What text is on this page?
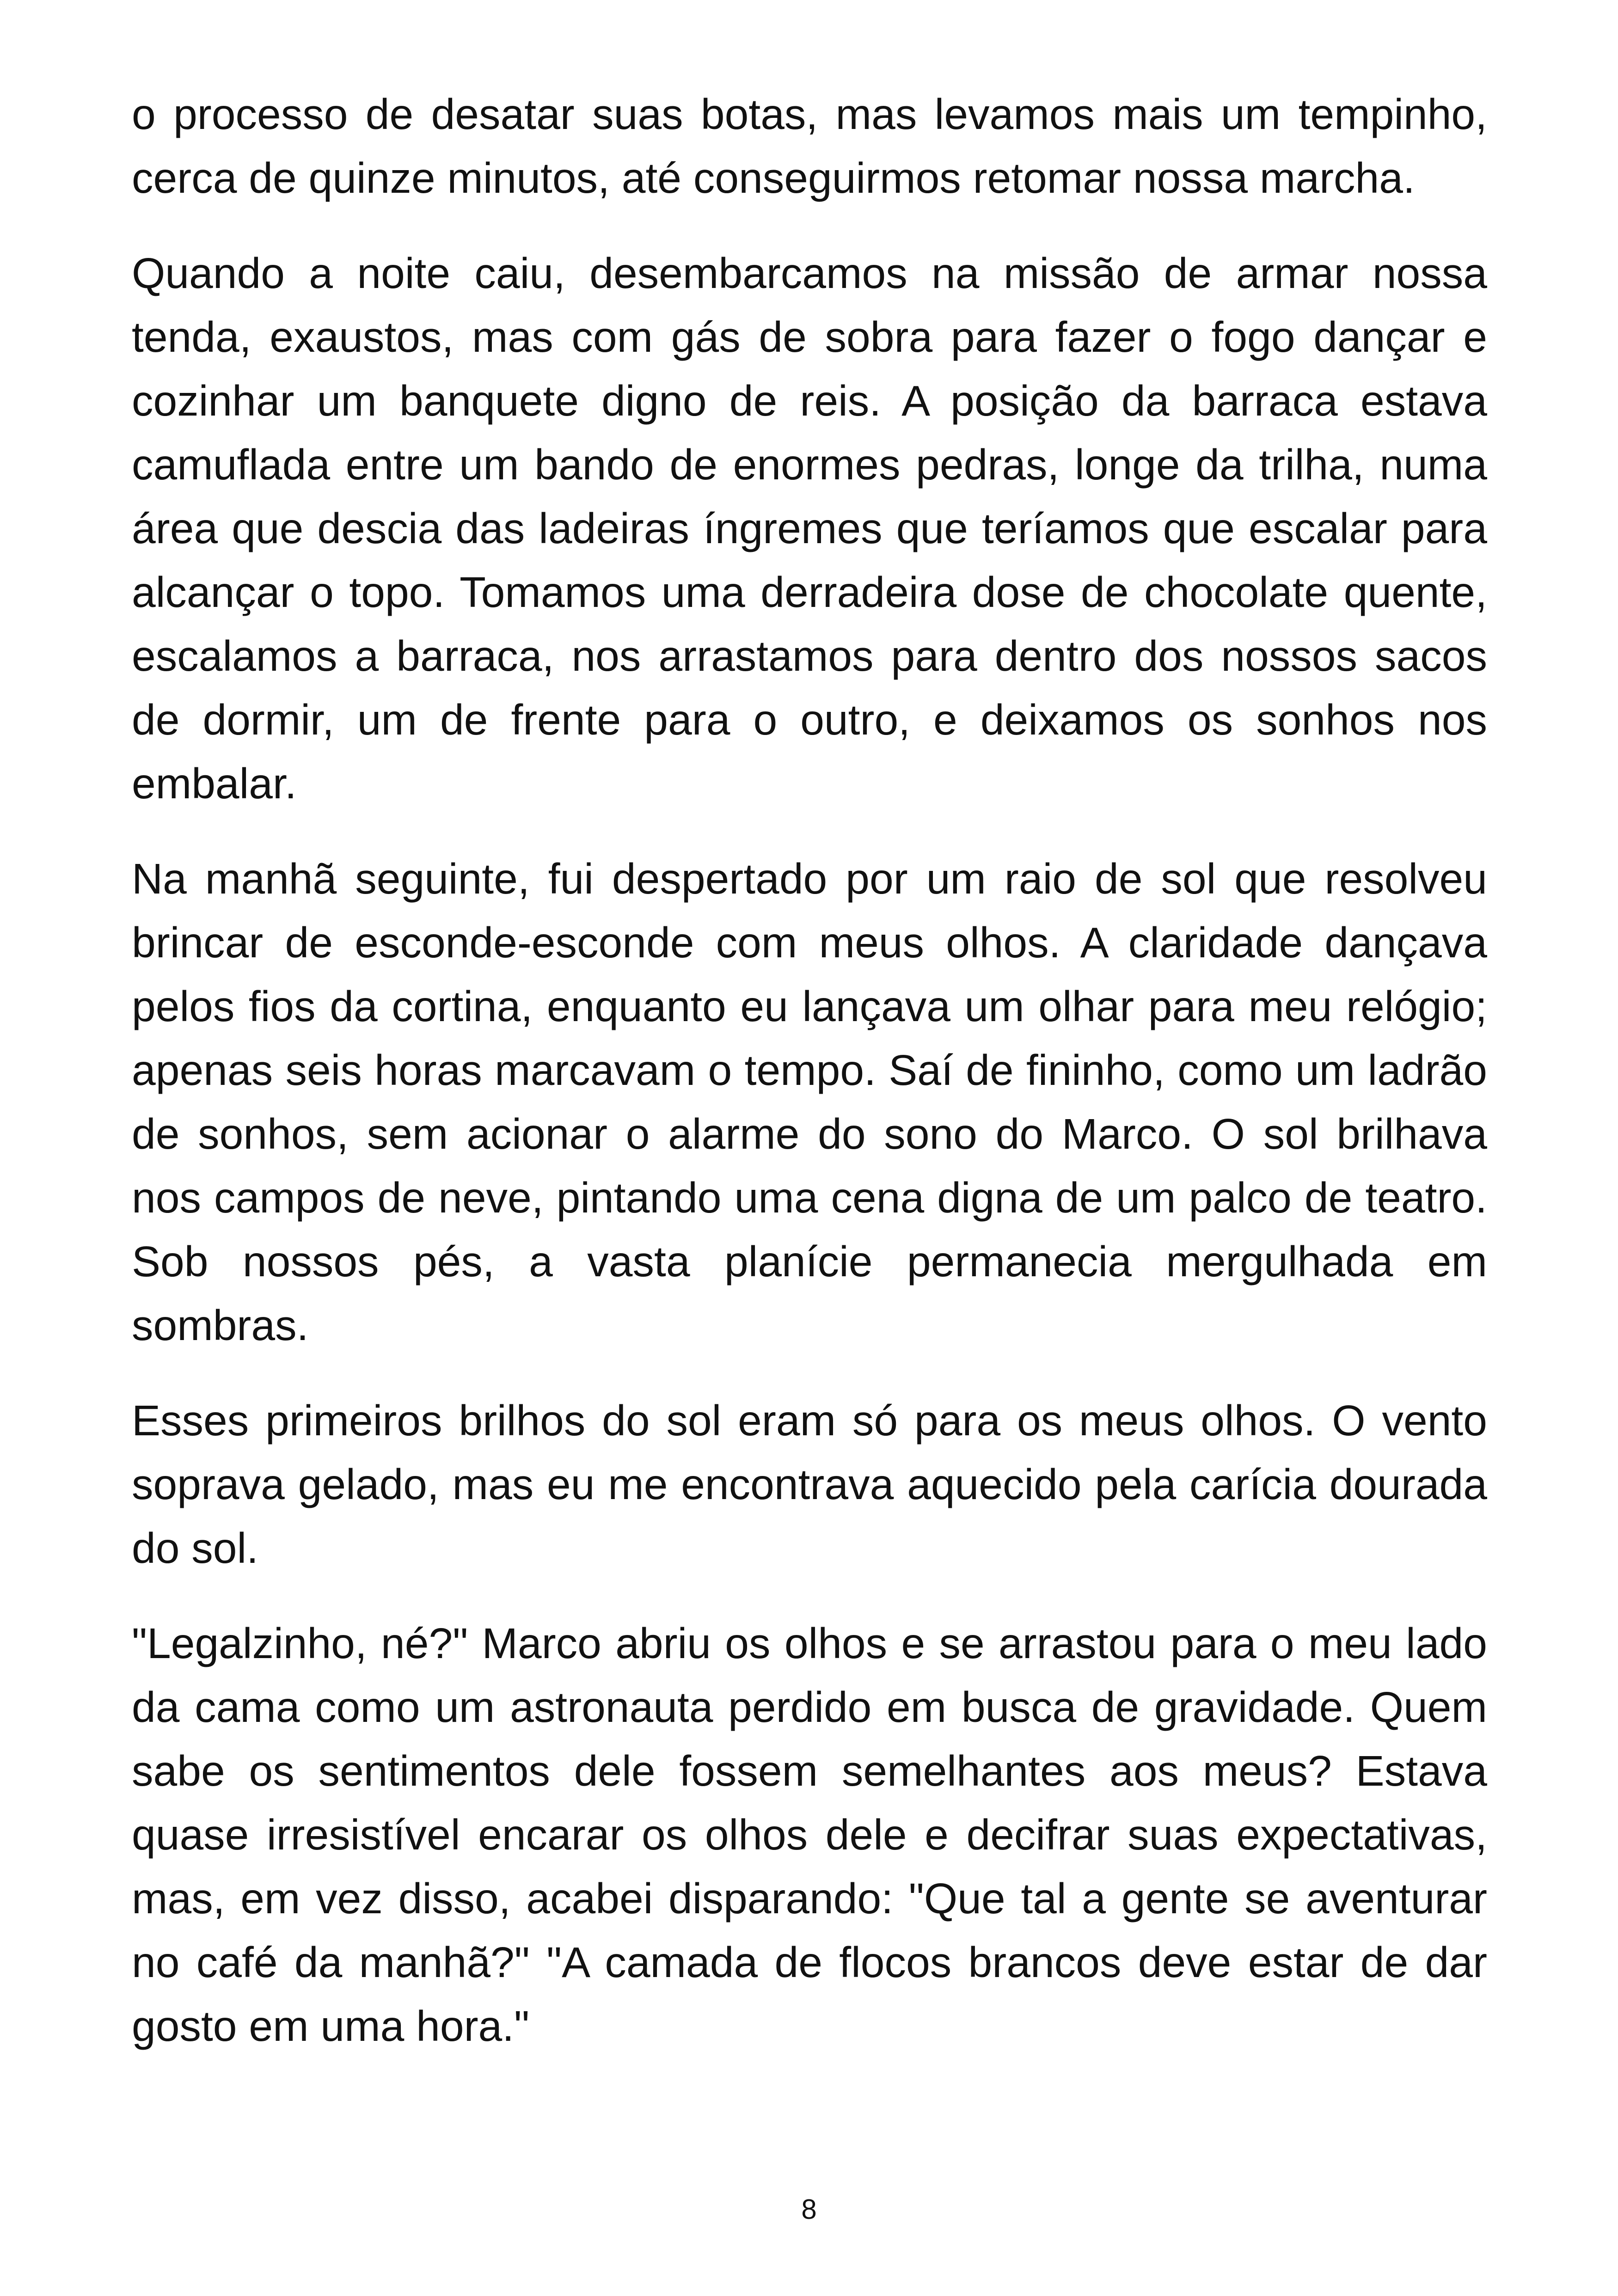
o processo de desatar suas botas, mas levamos mais um tempinho, cerca de quinze minutos, até conseguirmos retomar nossa marcha.

Quando a noite caiu, desembarcamos na missão de armar nossa tenda, exaustos, mas com gás de sobra para fazer o fogo dançar e cozinhar um banquete digno de reis. A posição da barraca estava camuflada entre um bando de enormes pedras, longe da trilha, numa área que descia das ladeiras íngremes que teríamos que escalar para alcançar o topo. Tomamos uma derradeira dose de chocolate quente, escalamos a barraca, nos arrastamos para dentro dos nossos sacos de dormir, um de frente para o outro, e deixamos os sonhos nos embalar.

Na manhã seguinte, fui despertado por um raio de sol que resolveu brincar de esconde-esconde com meus olhos. A claridade dançava pelos fios da cortina, enquanto eu lançava um olhar para meu relógio; apenas seis horas marcavam o tempo. Saí de fininho, como um ladrão de sonhos, sem acionar o alarme do sono do Marco. O sol brilhava nos campos de neve, pintando uma cena digna de um palco de teatro. Sob nossos pés, a vasta planície permanecia mergulhada em sombras.

Esses primeiros brilhos do sol eram só para os meus olhos. O vento soprava gelado, mas eu me encontrava aquecido pela carícia dourada do sol.

"Legalzinho, né?" Marco abriu os olhos e se arrastou para o meu lado da cama como um astronauta perdido em busca de gravidade. Quem sabe os sentimentos dele fossem semelhantes aos meus? Estava quase irresistível encarar os olhos dele e decifrar suas expectativas, mas, em vez disso, acabei disparando: "Que tal a gente se aventurar no café da manhã?" "A camada de flocos brancos deve estar de dar gosto em uma hora."

8
